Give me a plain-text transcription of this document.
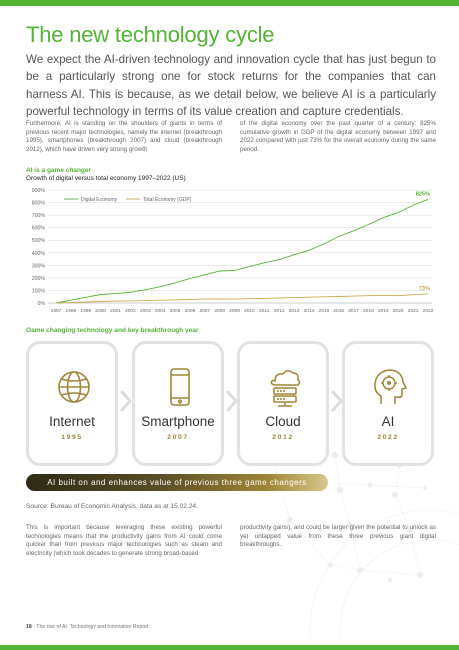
The new technology cycle

We expect the AI-driven technology and innovation cycle that has just begun to be a particularly strong one for stock returns for the companies that can harness AI. This is because, as we detail below, we believe AI is a particularly powerful technology in terms of its value creation and capture credentials.

Furthermore, AI is standing on the shoulders of giants in terms of previous recent major technologies, namely the internet (breakthrough 1995), smartphones (breakthrough 2007) and cloud (breakthrough 2012), which have driven very strong growth

of the digital economy over the past quarter of a century: 825% cumulative growth in GDP of the digital economy between 1997 and 2022 compared with just 73% for the overall economy during the same period.

AI is a game changer
Growth of digital versus total economy 1997–2022 (US)
0%
100%
200%
300%
400%
500%
600%
700%
800%
900%
1997 1998 1999 2000 2001 2002 2003 2004 2005 2006 2007 2008 2009 2010 2011 2012 2013 2014 2015 2016 2017 2018 2019 2020 2021 2022
825%
Digital Economy
73%
Total Economy (GDP)
Game changing technology and key breakthrough year
Internet
1995
Smartphone
2007
Cloud
2012
AI
2022
AI built on and enhances value of previous three game changers
Source: Bureau of Economic Analysis, data as at 15.02.24.

This is important because leveraging these existing powerful technologies means that the productivity gains from AI could come quicker than from previous major technologies such as steam and electricity (which took decades to generate strong broad-based

productivity gains), and could be larger given the potential to unlock as yet untapped value from these three previous giant digital breakthroughs.

18 - The rise of AI: Technology and Innovation Report
